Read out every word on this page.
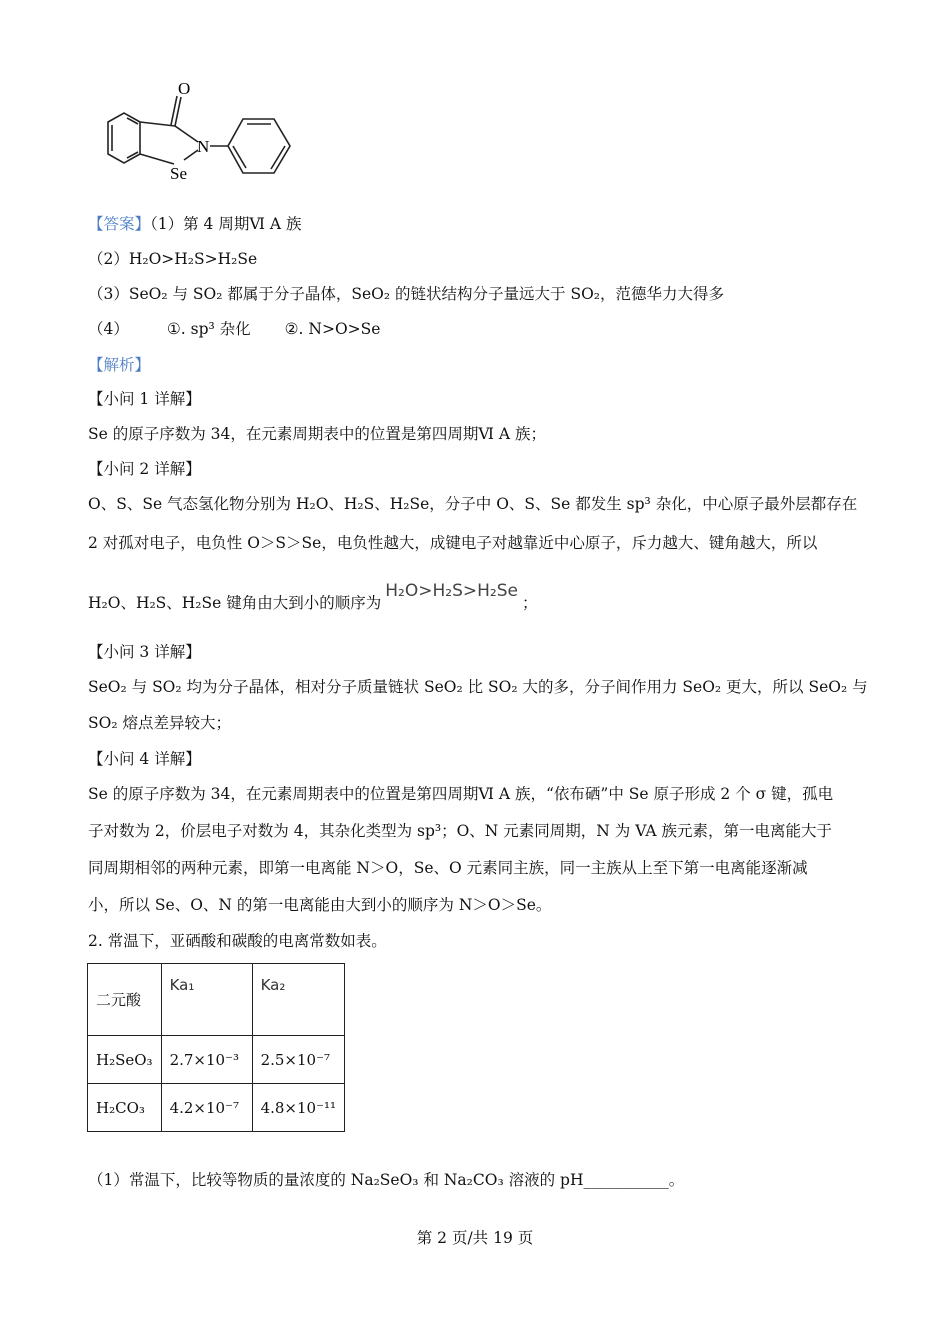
O
N
Se
【答案】（1）第 4 周期Ⅵ A 族
（2）H₂O>H₂S>H₂Se
（3）SeO₂ 与 SO₂ 都属于分子晶体，SeO₂ 的链状结构分子量远大于 SO₂，范德华力大得多
（4） ①. sp³ 杂化 ②. N>O>Se
【解析】
【小问 1 详解】
Se 的原子序数为 34，在元素周期表中的位置是第四周期Ⅵ A 族；
【小问 2 详解】
O、S、Se 气态氢化物分别为 H₂O、H₂S、H₂Se，分子中 O、S、Se 都发生 sp³ 杂化，中心原子最外层都存在
2 对孤对电子，电负性 O＞S＞Se，电负性越大，成键电子对越靠近中心原子，斥力越大、键角越大，所以
H₂O、H₂S、H₂Se 键角由大到小的顺序为H₂O>H₂S>H₂Se；
【小问 3 详解】
SeO₂ 与 SO₂ 均为分子晶体，相对分子质量链状 SeO₂ 比 SO₂ 大的多，分子间作用力 SeO₂ 更大，所以 SeO₂ 与
SO₂ 熔点差异较大；
【小问 4 详解】
Se 的原子序数为 34，在元素周期表中的位置是第四周期Ⅵ A 族，“依布硒”中 Se 原子形成 2 个 σ 键，孤电
子对数为 2，价层电子对数为 4，其杂化类型为 sp³；O、N 元素同周期，N 为 VA 族元素，第一电离能大于
同周期相邻的两种元素，即第一电离能 N＞O，Se、O 元素同主族，同一主族从上至下第一电离能逐渐减
小，所以 Se、O、N 的第一电离能由大到小的顺序为 N＞O＞Se。
2. 常温下，亚硒酸和碳酸的电离常数如表。
二元酸	Ka₁	Ka₂
H₂SeO₃	2.7×10⁻³	2.5×10⁻⁷
H₂CO₃	4.2×10⁻⁷	4.8×10⁻¹¹
（1）常温下，比较等物质的量浓度的 Na₂SeO₃ 和 Na₂CO₃ 溶液的 pH___________。
第 2 页/共 19 页
